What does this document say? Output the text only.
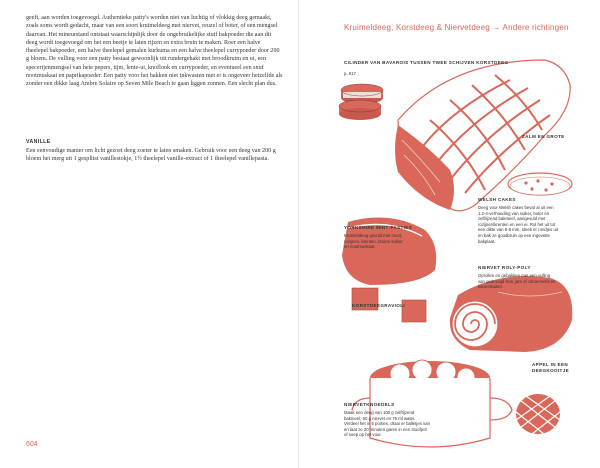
geeft, aan worden toegevoegd. Authentieke patty's worden niet van luchtig of vlokkig deeg gemaakt, zoals soms wordt gedacht, maar van een soort kruimeldeeg met niervet, reuzel of boter, of een mengsel daarvan. Het mineurstand ontstaat waarschijnlijk door de ongebruikelijke stuif bakpoeder die aan dit deeg wordt toegevoegd om het een beetje te laten rijzen en extra bruin te maken. Roer een halve theelepel bakpoeder, een halve theelepel gemalen kurkuma en een halve theelepel currypoeder door 200 g bloem. De vulling voor een patty bestaat gewoonlijk uit rundergehakt met broodkruim en ui, een specerijenmengsel van hete pepers, tijm, lente-ui, knoflook en currypoeder, en eventueel een snuf nootmuskaat en paprikapoeder. Een patty voor het bakken niet inkwasten met ei is ongeveer hetzelfde als zonder een dikke laag Ambre Solaire op Seven Mile Beach te gaan liggen zonnen. Een slecht plan dus.
VANILLE
Een eenvoudige manier om licht gezoet deeg zoeter te laten smaken. Gebruik voor een deeg van 200 g bloem het merg uit 1 gesplitst vanillestokje, 1½ theelepel vanille-extract of 1 theelepel vanillepasta.
604
Kruimeldeeg, Korstdeeg & Niervetdeeg → Andere richtingen
CILINDER VAN BAVAROIS TUSSEN TWEE SCHIJVEN KORSTDEEG
p. 617
ZALM EN GROTE
WELSH CAKES
Deeg voor Welsh cakes bevat al uit een 1:2-4-verhouding van suiker, boter en zelfrijzend bakmeel, aangevuld met rozijnen/krenten en een ei. Rol het uit tot een dikte van 6-8 mm, steek er rondjes uit en bak ze goudbruin op een ingevette bakplaat.
YORKSHIRE MINT PASTIES
Kruimeldeeg gevuld met munt, rozijnen, krenten, bruine suiker en nootmuskaat.
NIERVET ROLY-POLY
Oprollen en gebakken met een vulling van gedroogd fruit, jam of citroenschil en kaneelsuiker.
KORSTDEEGRAVIOLI
APPEL IN EEN DEEGKOOITJE
NIERVETKNOEDELS
Maak een deeg van 100 g zelfrijzend bakmeel, 50 g niervet en 75 ml water. Verdeel het in 6 porties, draai er balletjes van en laat ze 20 minuten garen in een stoofpot of soep op het vuur.
